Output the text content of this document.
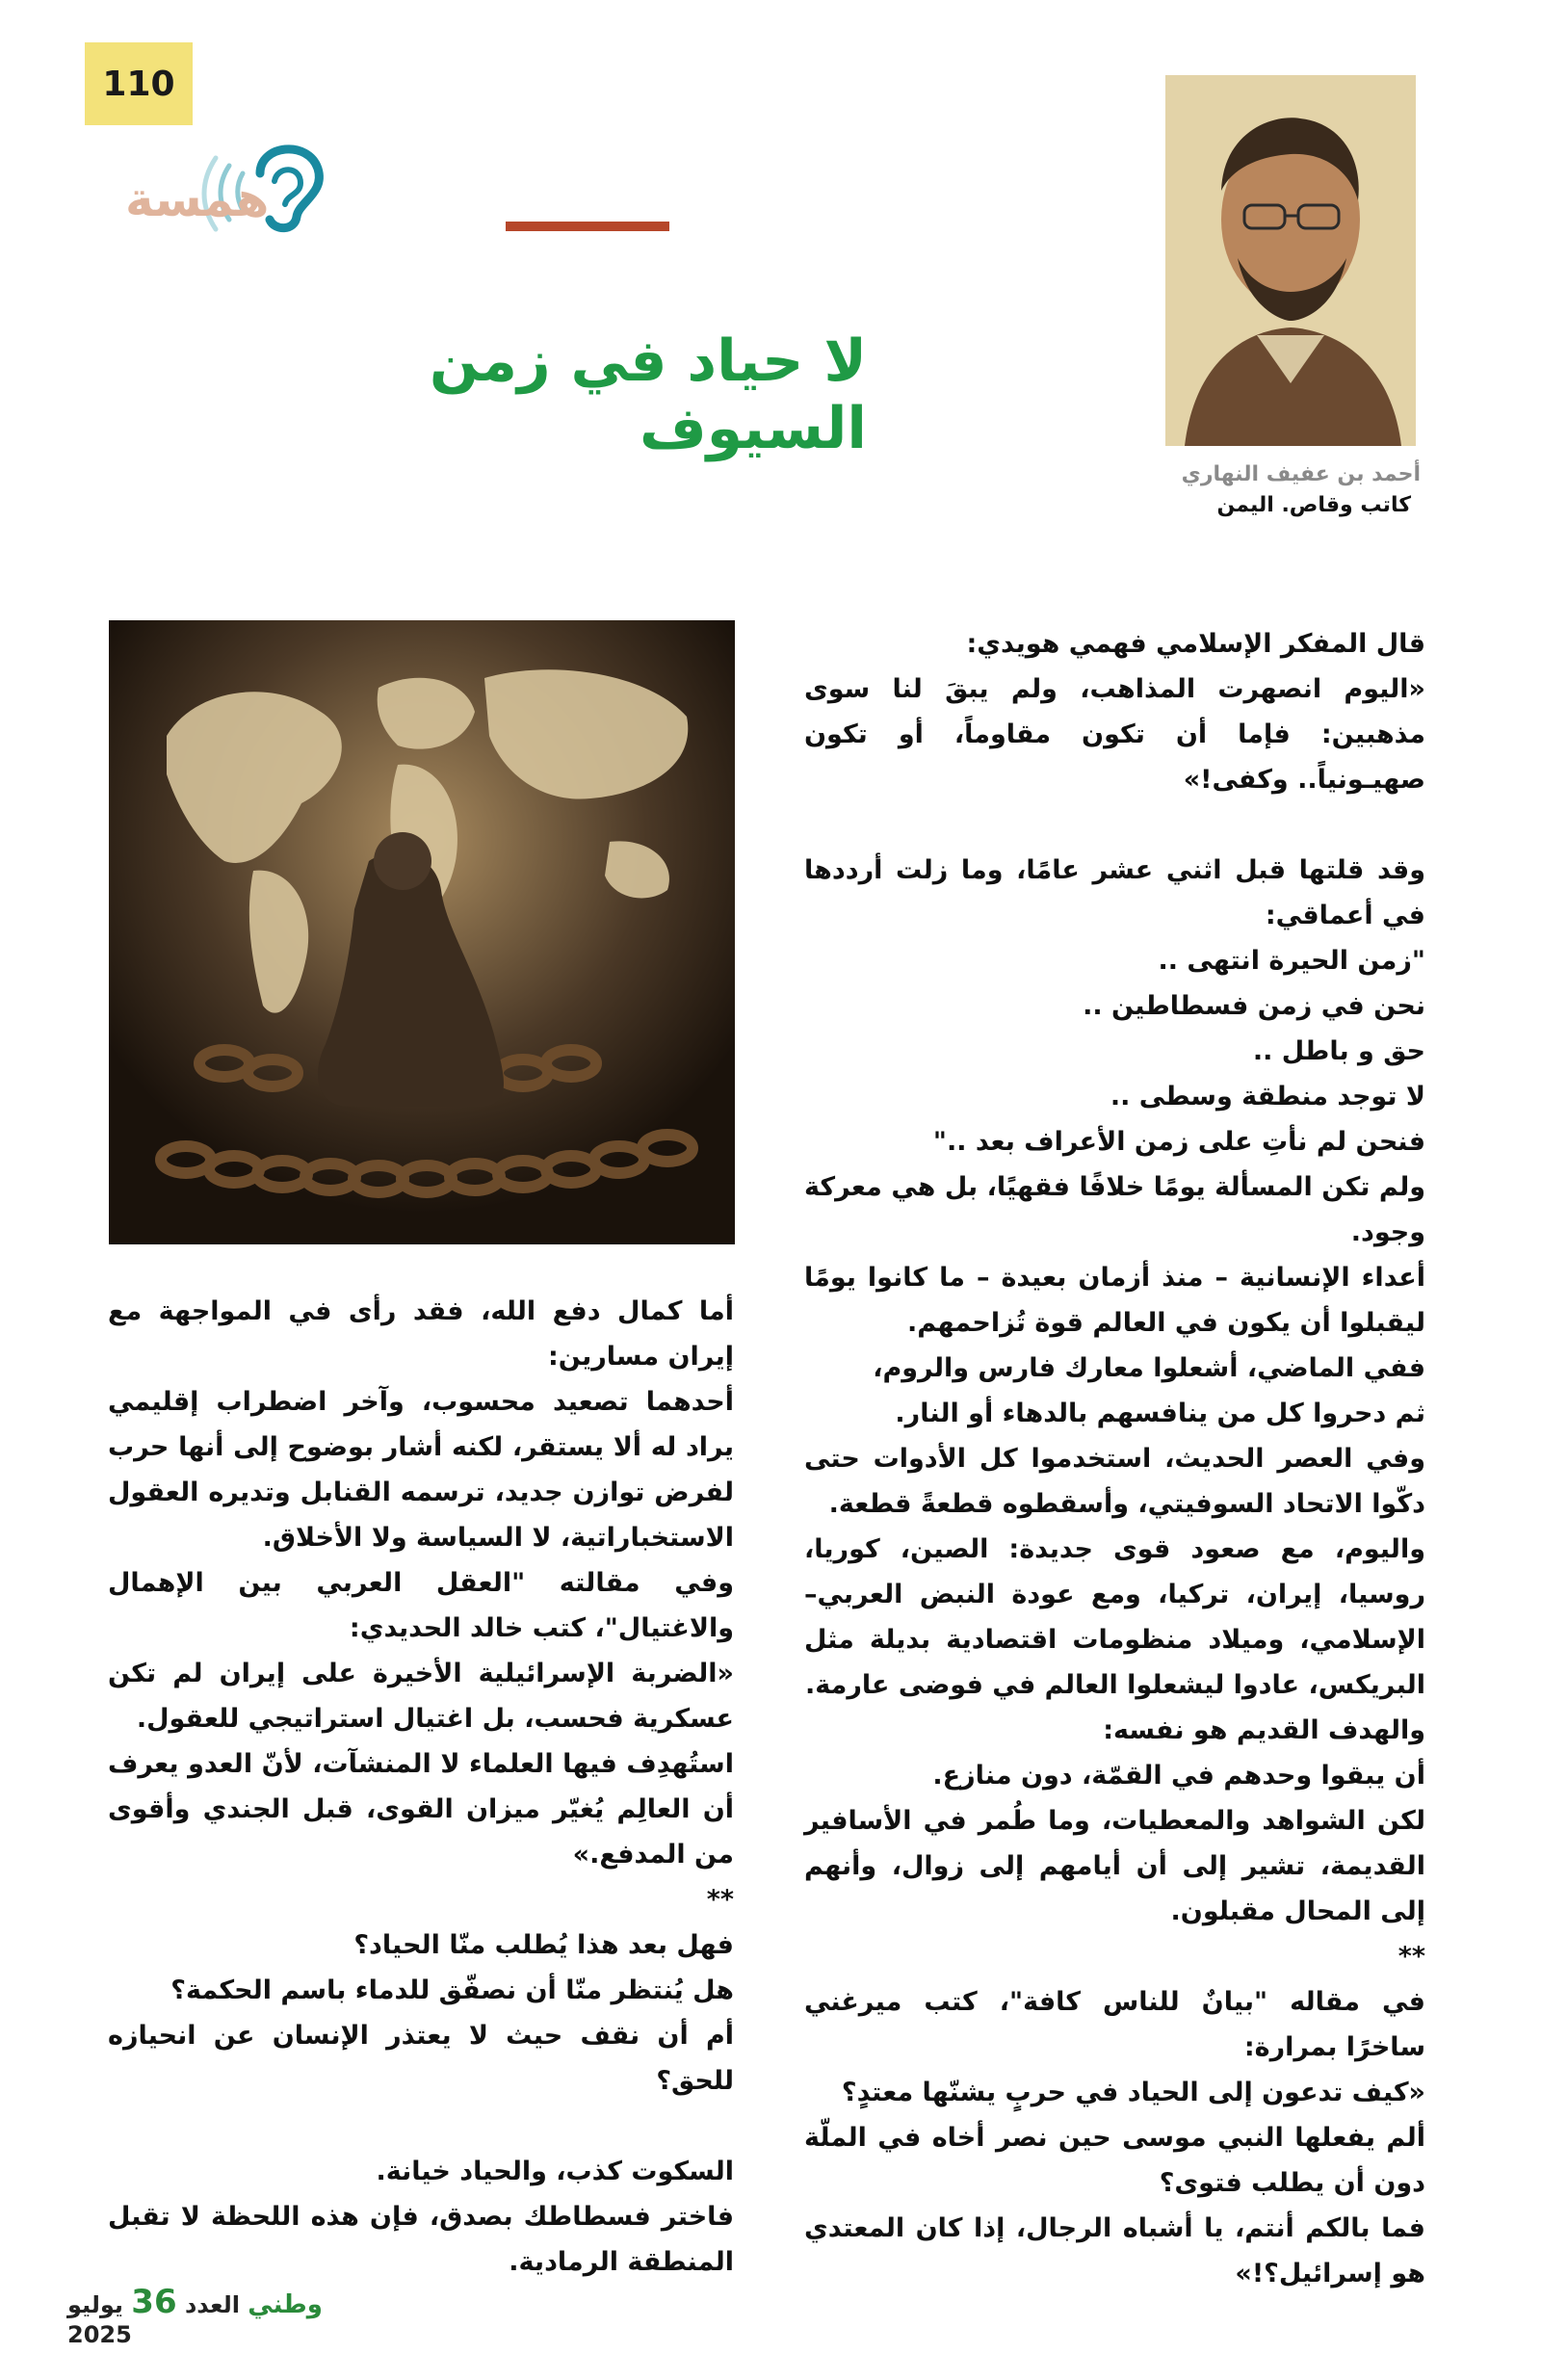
110
همسة
لا حياد في زمن السيوف
أحمد بن عفيف النهاري
كاتب وقاص. اليمن

قال المفكر الإسلامي فهمي هويدي:
«اليوم انصهرت المذاهب، ولم يبقَ لنا سوى مذهبين: فإما أن تكون مقاوماً، أو تكون صهيـونياً.. وكفى!»

وقد قلتها قبل اثني عشر عامًا، وما زلت أرددها في أعماقي:
"زمن الحيرة انتهى ..
نحن في زمن فسطاطين ..
حق و باطل ..
لا توجد منطقة وسطى ..
فنحن لم نأتِ على زمن الأعراف بعد .."
ولم تكن المسألة يومًا خلافًا فقهيًا، بل هي معركة وجود.
أعداء الإنسانية – منذ أزمان بعيدة – ما كانوا يومًا ليقبلوا أن يكون في العالم قوة تُزاحمهم.
ففي الماضي، أشعلوا معارك فارس والروم،
ثم دحروا كل من ينافسهم بالدهاء أو النار.
وفي العصر الحديث، استخدموا كل الأدوات حتى دكّوا الاتحاد السوفيتي، وأسقطوه قطعةً قطعة.
واليوم، مع صعود قوى جديدة: الصين، كوريا، روسيا، إيران، تركيا، ومع عودة النبض العربي–الإسلامي، وميلاد منظومات اقتصادية بديلة مثل البريكس، عادوا ليشعلوا العالم في فوضى عارمة.
والهدف القديم هو نفسه:
أن يبقوا وحدهم في القمّة، دون منازع.
لكن الشواهد والمعطيات، وما طُمر في الأسافير القديمة، تشير إلى أن أيامهم إلى زوال، وأنهم إلى المحال مقبلون.
**
في مقاله "بيانٌ للناس كافة"، كتب ميرغني ساخرًا بمرارة:
«كيف تدعون إلى الحياد في حربٍ يشنّها معتدٍ؟
ألم يفعلها النبي موسى حين نصر أخاه في الملّة دون أن يطلب فتوى؟
فما بالكم أنتم، يا أشباه الرجال، إذا كان المعتدي هو إسرائيل؟!»

أما كمال دفع الله، فقد رأى في المواجهة مع إيران مسارين:
أحدهما تصعيد محسوب، وآخر اضطراب إقليمي يراد له ألا يستقر، لكنه أشار بوضوح إلى أنها حرب لفرض توازن جديد، ترسمه القنابل وتديره العقول الاستخباراتية، لا السياسة ولا الأخلاق.
وفي مقالته "العقل العربي بين الإهمال والاغتيال"، كتب خالد الحديدي:
«الضربة الإسرائيلية الأخيرة على إيران لم تكن عسكرية فحسب، بل اغتيال استراتيجي للعقول.
استُهدِف فيها العلماء لا المنشآت، لأنّ العدو يعرف أن العالِم يُغيّر ميزان القوى، قبل الجندي وأقوى من المدفع.»
**
فهل بعد هذا يُطلب منّا الحياد؟
هل يُنتظر منّا أن نصفّق للدماء باسم الحكمة؟
أم أن نقف حيث لا يعتذر الإنسان عن انحيازه للحق؟

السكوت كذب، والحياد خيانة.
فاختر فسطاطك بصدق، فإن هذه اللحظة لا تقبل المنطقة الرمادية.

وطني العدد 36 يوليو 2025
